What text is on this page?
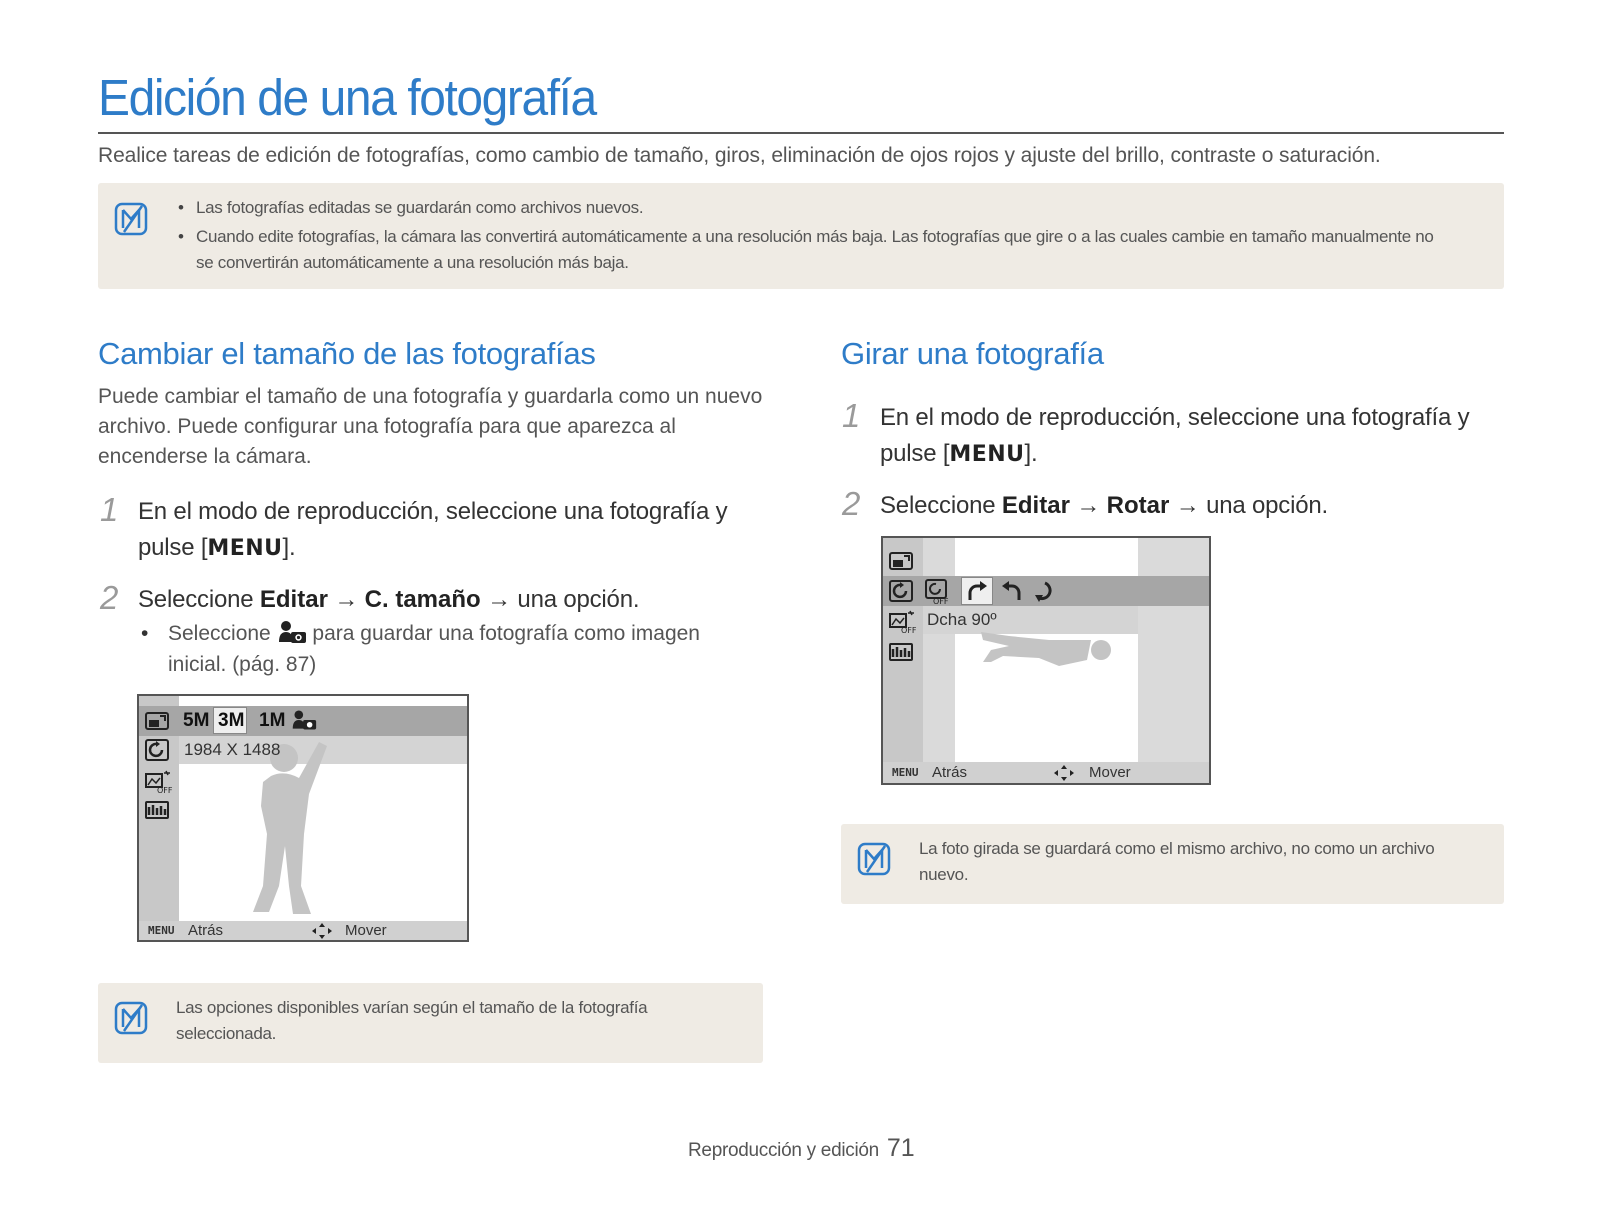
Edición de una fotografía
Realice tareas de edición de fotografías, como cambio de tamaño, giros, eliminación de ojos rojos y ajuste del brillo, contraste o saturación.
• Las fotografías editadas se guardarán como archivos nuevos.
• Cuando edite fotografías, la cámara las convertirá automáticamente a una resolución más baja. Las fotografías que gire o a las cuales cambie en tamaño manualmente no se convertirán automáticamente a una resolución más baja.
Cambiar el tamaño de las fotografías
Puede cambiar el tamaño de una fotografía y guardarla como un nuevo archivo. Puede configurar una fotografía para que aparezca al encenderse la cámara.
1 En el modo de reproducción, seleccione una fotografía y pulse [MENU].
2 Seleccione Editar → C. tamaño → una opción.
• Seleccione  para guardar una fotografía como imagen inicial. (pág. 87)
OFF
5M 3M 1M
1984 X 1488
MENU Atrás	Mover
Las opciones disponibles varían según el tamaño de la fotografía seleccionada.
Girar una fotografía
1 En el modo de reproducción, seleccione una fotografía y pulse [MENU].
2 Seleccione Editar → Rotar → una opción.
OFF
OFF
Dcha 90º
MENU Atrás	Mover
La foto girada se guardará como el mismo archivo, no como un archivo nuevo.
Reproducción y edición 71
